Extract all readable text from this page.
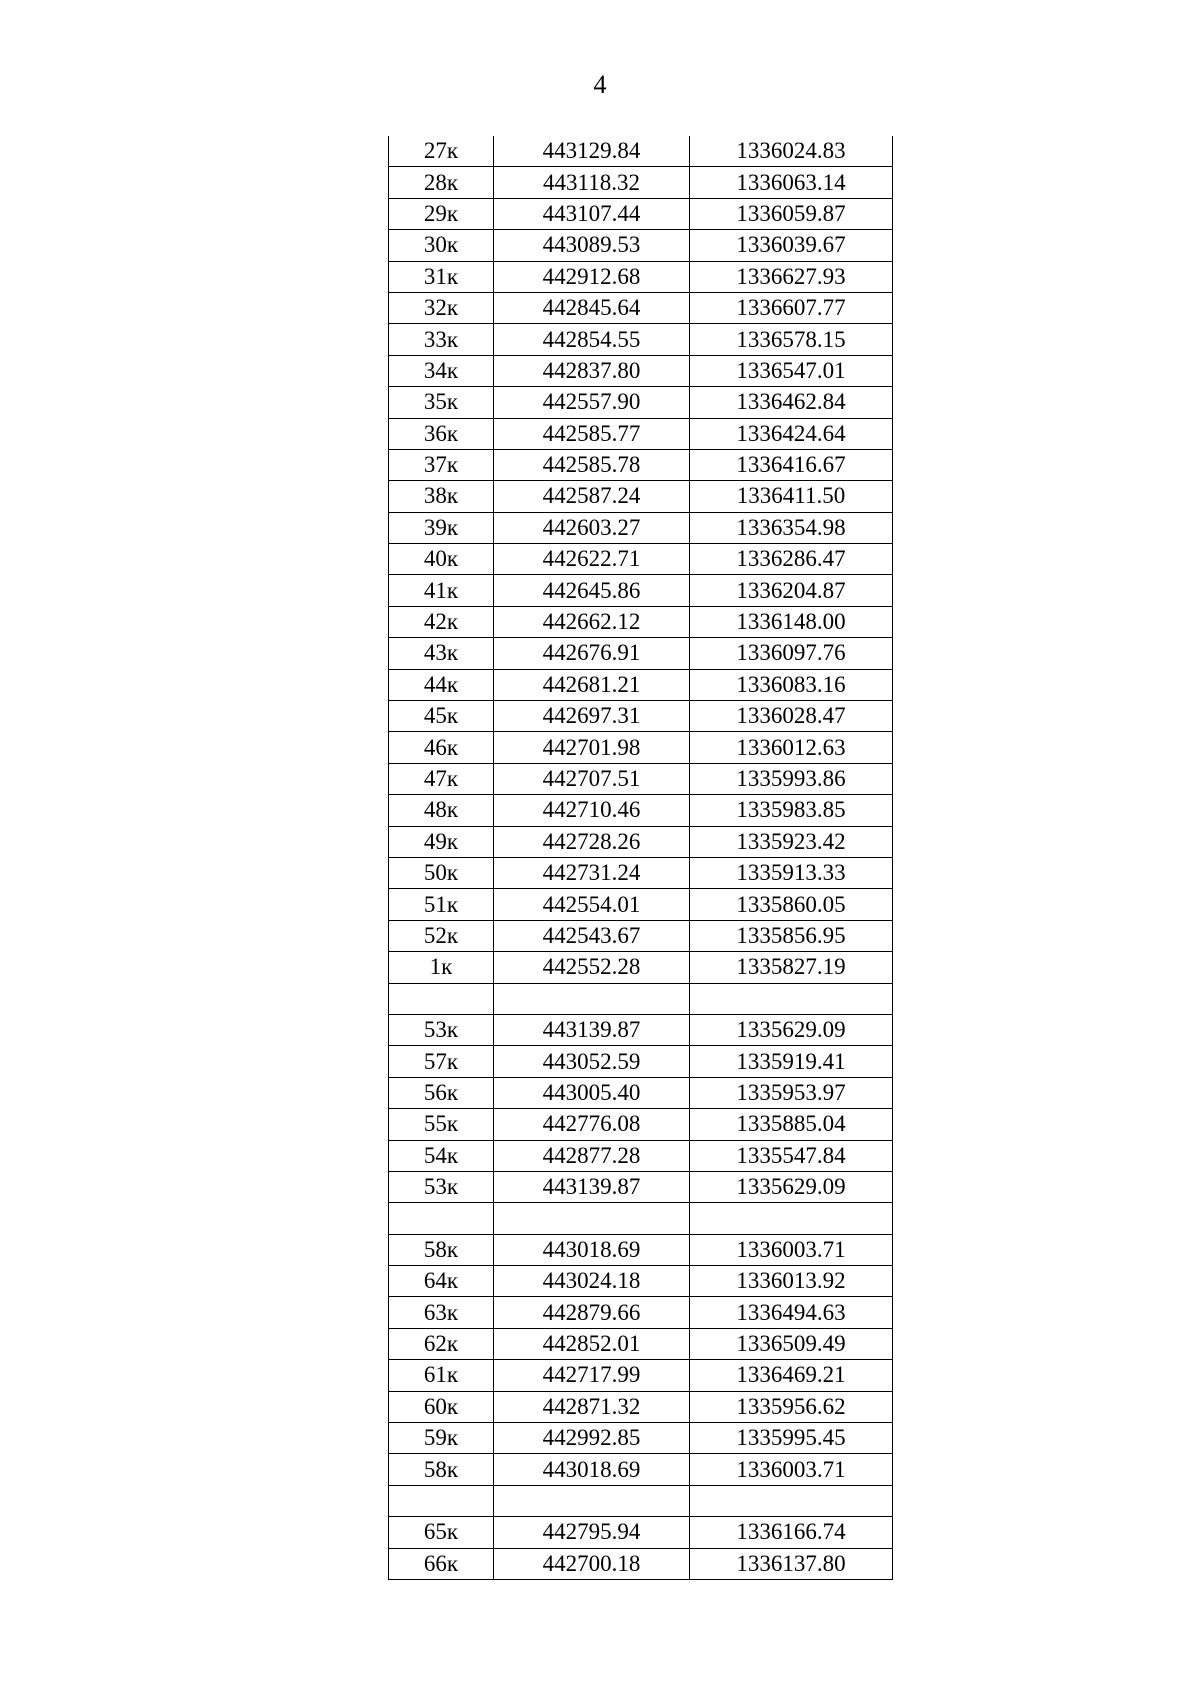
4
27к	443129.84	1336024.83
28к	443118.32	1336063.14
29к	443107.44	1336059.87
30к	443089.53	1336039.67
31к	442912.68	1336627.93
32к	442845.64	1336607.77
33к	442854.55	1336578.15
34к	442837.80	1336547.01
35к	442557.90	1336462.84
36к	442585.77	1336424.64
37к	442585.78	1336416.67
38к	442587.24	1336411.50
39к	442603.27	1336354.98
40к	442622.71	1336286.47
41к	442645.86	1336204.87
42к	442662.12	1336148.00
43к	442676.91	1336097.76
44к	442681.21	1336083.16
45к	442697.31	1336028.47
46к	442701.98	1336012.63
47к	442707.51	1335993.86
48к	442710.46	1335983.85
49к	442728.26	1335923.42
50к	442731.24	1335913.33
51к	442554.01	1335860.05
52к	442543.67	1335856.95
1к	442552.28	1335827.19

53к	443139.87	1335629.09
57к	443052.59	1335919.41
56к	443005.40	1335953.97
55к	442776.08	1335885.04
54к	442877.28	1335547.84
53к	443139.87	1335629.09

58к	443018.69	1336003.71
64к	443024.18	1336013.92
63к	442879.66	1336494.63
62к	442852.01	1336509.49
61к	442717.99	1336469.21
60к	442871.32	1335956.62
59к	442992.85	1335995.45
58к	443018.69	1336003.71

65к	442795.94	1336166.74
66к	442700.18	1336137.80
